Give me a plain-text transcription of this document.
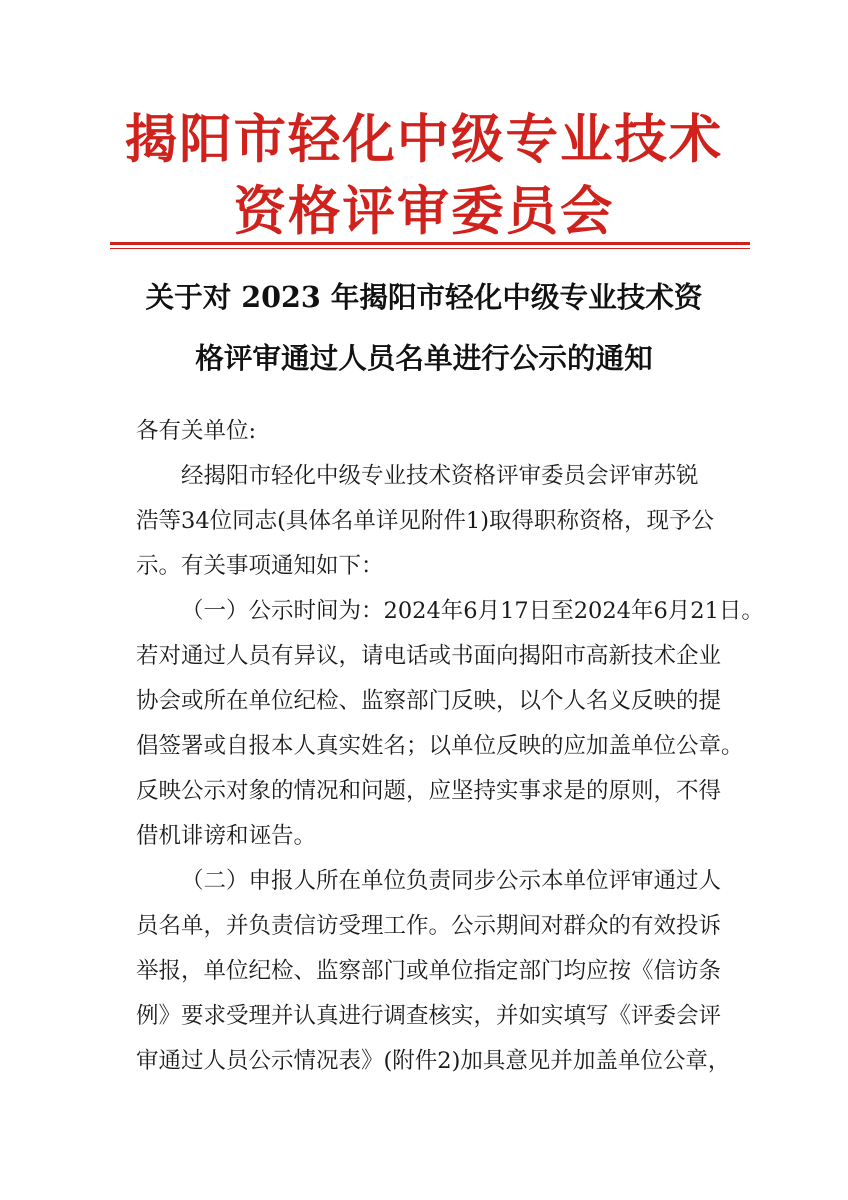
揭阳市轻化中级专业技术
资格评审委员会
关于对 2023 年揭阳市轻化中级专业技术资
格评审通过人员名单进行公示的通知
各有关单位:
经揭阳市轻化中级专业技术资格评审委员会评审苏锐
浩等34位同志(具体名单详见附件1)取得职称资格，现予公
示。有关事项通知如下：
（一）公示时间为：2024年6月17日至2024年6月21日。
若对通过人员有异议，请电话或书面向揭阳市高新技术企业
协会或所在单位纪检、监察部门反映，以个人名义反映的提
倡签署或自报本人真实姓名；以单位反映的应加盖单位公章。
反映公示对象的情况和问题，应坚持实事求是的原则，不得
借机诽谤和诬告。
（二）申报人所在单位负责同步公示本单位评审通过人
员名单，并负责信访受理工作。公示期间对群众的有效投诉
举报，单位纪检、监察部门或单位指定部门均应按《信访条
例》要求受理并认真进行调查核实，并如实填写《评委会评
审通过人员公示情况表》(附件2)加具意见并加盖单位公章，
